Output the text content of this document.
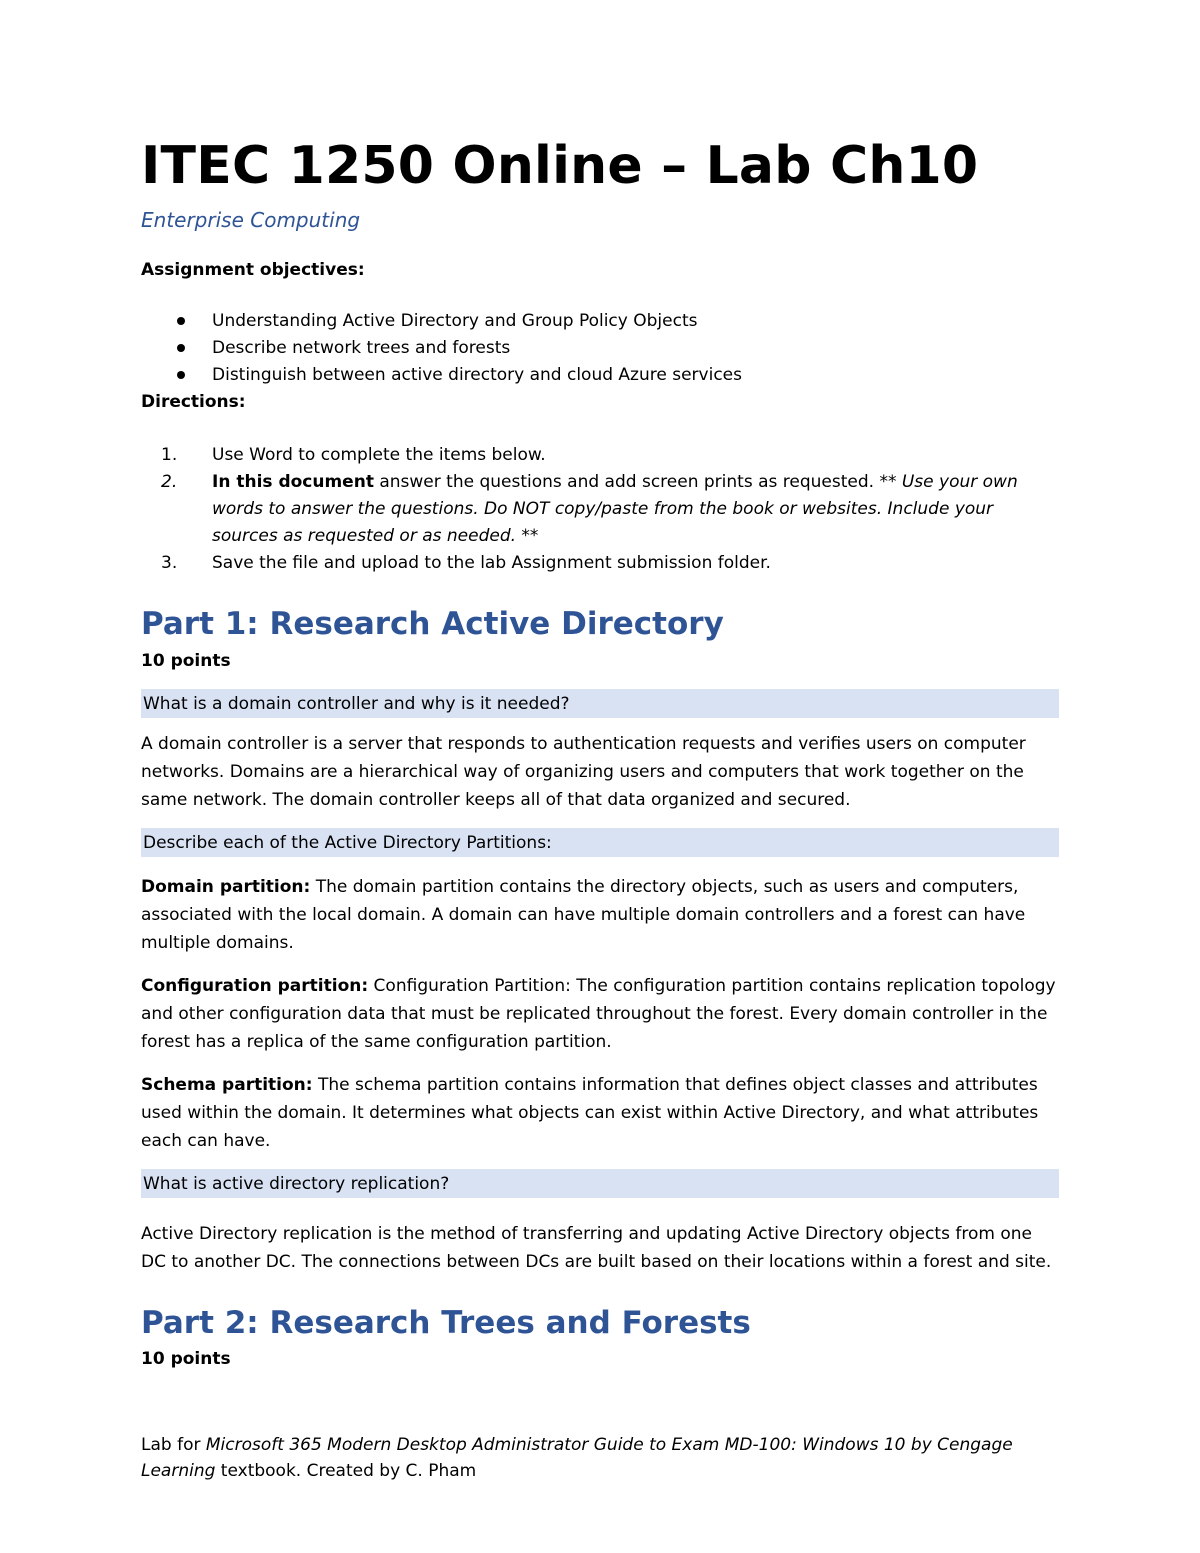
ITEC 1250 Online – Lab Ch10
Enterprise Computing
Assignment objectives:
Understanding Active Directory and Group Policy Objects
Describe network trees and forests
Distinguish between active directory and cloud Azure services
Directions:
1. Use Word to complete the items below.
2. In this document answer the questions and add screen prints as requested. ** Use your own words to answer the questions. Do NOT copy/paste from the book or websites. Include your sources as requested or as needed. **
3. Save the file and upload to the lab Assignment submission folder.
Part 1: Research Active Directory
10 points
What is a domain controller and why is it needed?
A domain controller is a server that responds to authentication requests and verifies users on computer networks. Domains are a hierarchical way of organizing users and computers that work together on the same network. The domain controller keeps all of that data organized and secured.
Describe each of the Active Directory Partitions:
Domain partition: The domain partition contains the directory objects, such as users and computers, associated with the local domain. A domain can have multiple domain controllers and a forest can have multiple domains.
Configuration partition: Configuration Partition: The configuration partition contains replication topology and other configuration data that must be replicated throughout the forest. Every domain controller in the forest has a replica of the same configuration partition.
Schema partition: The schema partition contains information that defines object classes and attributes used within the domain. It determines what objects can exist within Active Directory, and what attributes each can have.
What is active directory replication?
Active Directory replication is the method of transferring and updating Active Directory objects from one DC to another DC. The connections between DCs are built based on their locations within a forest and site.
Part 2: Research Trees and Forests
10 points
Lab for Microsoft 365 Modern Desktop Administrator Guide to Exam MD-100: Windows 10 by Cengage Learning textbook. Created by C. Pham
